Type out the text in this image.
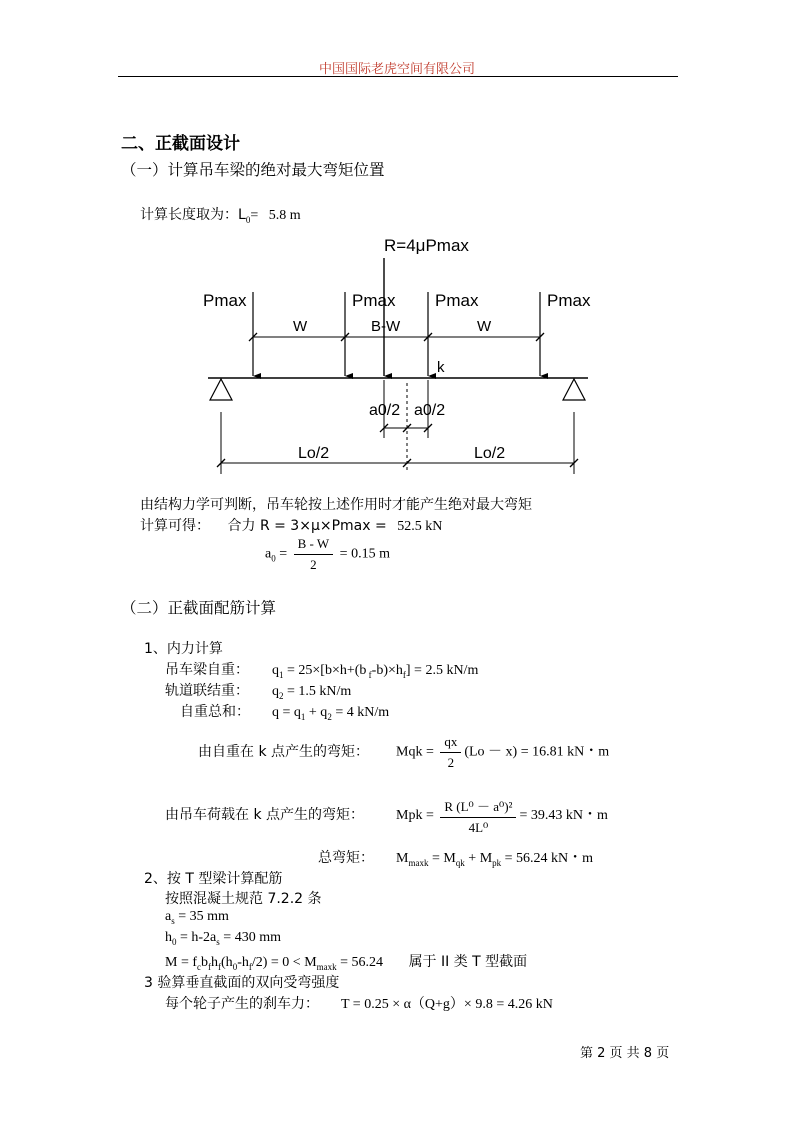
中国国际老虎空间有限公司
二、正截面设计
（一）计算吊车梁的绝对最大弯矩位置
计算长度取为：$L_0= 5.8$ m
R=4μPmax
Pmax	Pmax Pmax	Pmax
W	B-W	W
k
a0/2 a0/2
Lo/2	Lo/2
由结构力学可判断，吊车轮按上述作用时才能产生绝对最大弯矩
计算可得： 合力 R = 3×μ×Pmax = 52.5 kN
$a_0 = \frac{B - W}{2} = 0.15$ m
（二）正截面配筋计算
1、内力计算
吊车梁自重： $q_1 = 25\times[b\times h+(b$ $_f-b)\times h_f] = 2.5$ kN/m
轨道联结重： $q_2 = 1.5$ kN/m
自重总和： $q = q_1 + q_2 = 4$ kN/m
由自重在 k 点产生的弯矩： Mqk = $\frac{qx}{2} (Lo - x) = 16.81$ kN・m
由吊车荷载在 k 点产生的弯矩： Mpk = $\frac{\text{R (L⁰ － a⁰)²}}{\text{4L⁰}} = 39.43$ kN・m
总弯矩： $M_{maxk} = M_{qk} + M_{pk} = 56.24$ kN・m
2、按 T 型梁计算配筋
按照混凝土规范 7.2.2 条
$a_s = 35$ mm
$h_0 = h-2a_s = 430$ mm
$M = f_cb_fh_f(h_0-h_f/2) = 0 < M_{maxk} = 56.24$ 属于 II 类 T 型截面
3 验算垂直截面的双向受弯强度
每个轮子产生的刹车力： T = 0.25 × α（Q+g）× 9.8 = 4.26 kN
第 2 页 共 8 页
